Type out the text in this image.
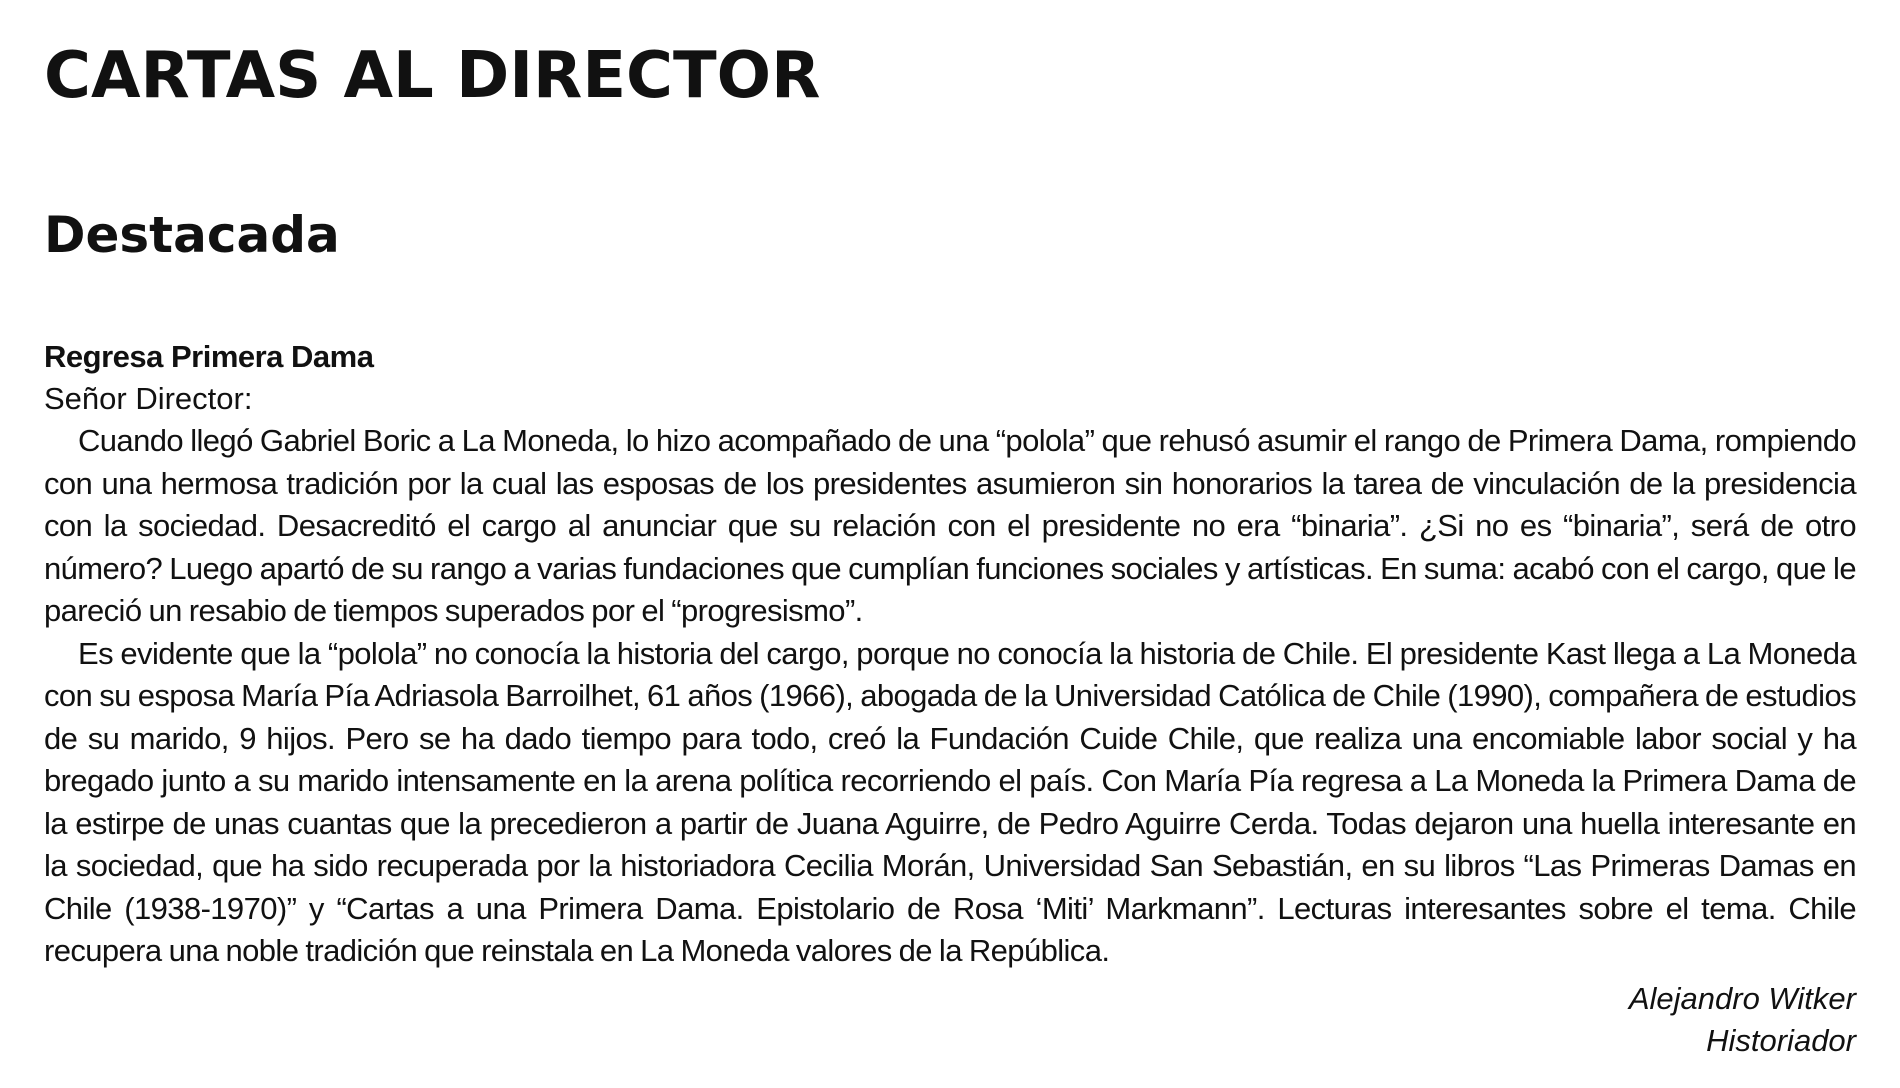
CARTAS AL DIRECTOR
Destacada
Regresa Primera Dama

Señor Director:

Cuando llegó Gabriel Boric a La Moneda, lo hizo acompañado de una “polola” que rehusó asumir el rango de Primera Dama, rompiendo con una hermosa tradición por la cual las esposas de los presidentes asumieron sin honorarios la tarea de vinculación de la presidencia con la sociedad. Desacreditó el cargo al anunciar que su relación con el presidente no era “binaria”. ¿Si no es “binaria”, será de otro número? Luego apartó de su rango a varias fundaciones que cumplían funciones sociales y artísticas. En suma: acabó con el cargo, que le pareció un resabio de tiempos superados por el “progresismo”.

Es evidente que la “polola” no conocía la historia del cargo, porque no conocía la historia de Chile. El presidente Kast llega a La Moneda con su esposa María Pía Adriasola Barroilhet, 61 años (1966), abogada de la Universidad Católica de Chile (1990), compañera de estudios de su marido, 9 hijos. Pero se ha dado tiempo para todo, creó la Fundación Cuide Chile, que realiza una encomiable labor social y ha bregado junto a su marido intensamente en la arena política recorriendo el país. Con María Pía regresa a La Moneda la Primera Dama de la estirpe de unas cuantas que la precedieron a partir de Juana Aguirre, de Pedro Aguirre Cerda. Todas dejaron una huella interesante en la sociedad, que ha sido recuperada por la historiadora Cecilia Morán, Universidad San Sebastián, en su libros “Las Primeras Damas en Chile (1938-1970)” y “Cartas a una Primera Dama. Epistolario de Rosa ‘Miti’ Markmann”. Lecturas interesantes sobre el tema. Chile recupera una noble tradición que reinstala en La Moneda valores de la República.

Alejandro Witker
Historiador
